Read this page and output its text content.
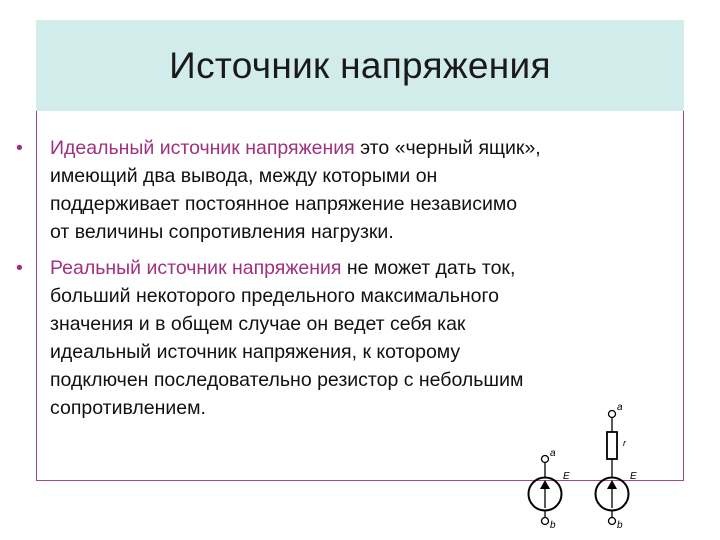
Источник напряжения
•	Идеальный источник напряжения это «черный ящик»,
имеющий два вывода, между которыми он
поддерживает постоянное напряжение независимо
от величины сопротивления нагрузки.
•	Реальный источник напряжения не может дать ток,
больший некоторого предельного максимального
значения и в общем случае он ведет себя как
идеальный источник напряжения, к которому
подключен последовательно резистор с небольшим
сопротивлением.
a
E
b
a
r
E
b
